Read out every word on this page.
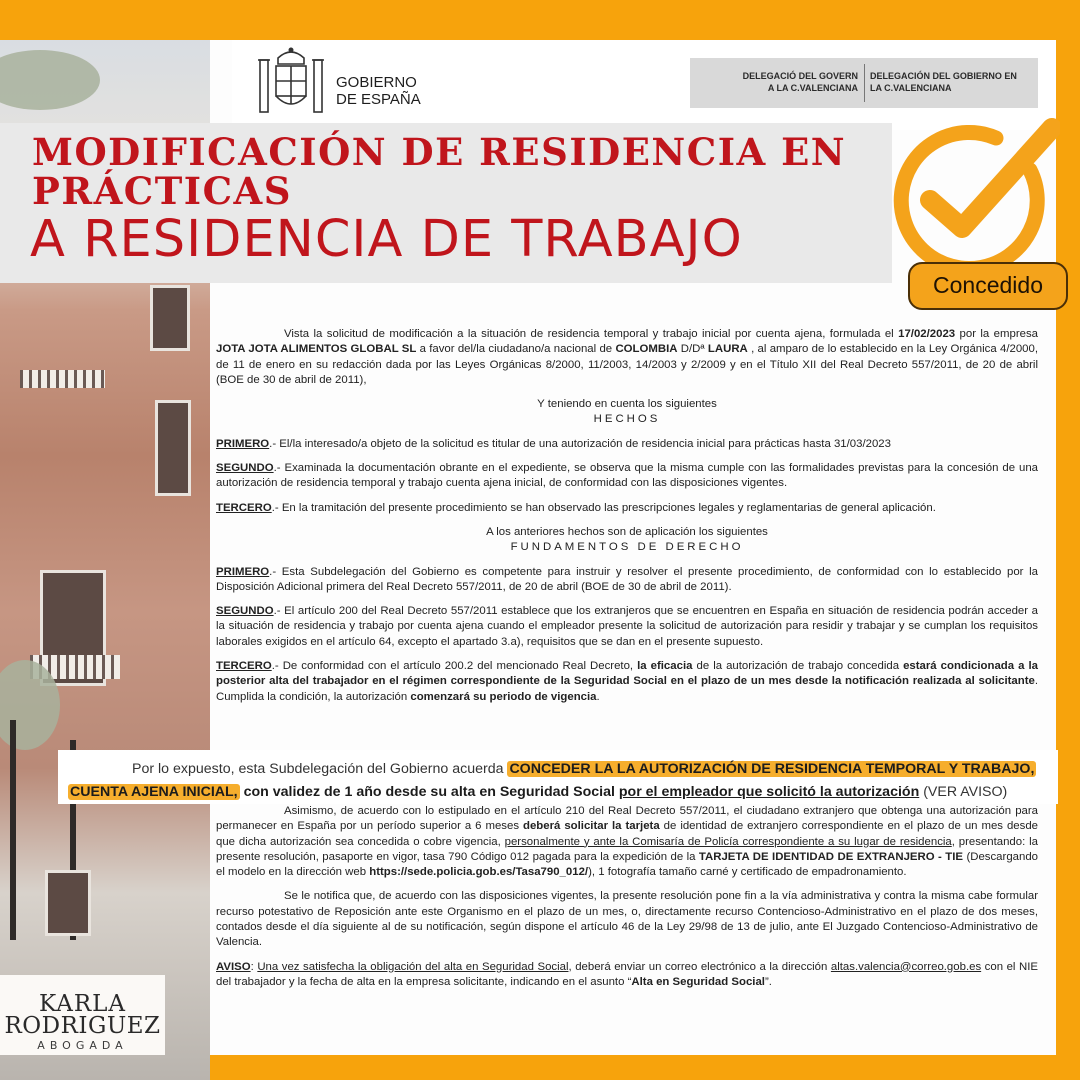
GOBIERNO
DE ESPAÑA
DELEGACIÓ DEL GOVERN
A LA C.VALENCIANA
DELEGACIÓN DEL GOBIERNO EN
LA C.VALENCIANA
MODIFICACIÓN DE RESIDENCIA EN
PRÁCTICAS
A RESIDENCIA DE TRABAJO
Concedido

Vista la solicitud de modificación a la situación de residencia temporal y trabajo inicial por cuenta ajena, formulada el 17/02/2023 por la empresa JOTA JOTA ALIMENTOS GLOBAL SL a favor del/la ciudadano/a nacional de COLOMBIA D/Dª LAURA , al amparo de lo establecido en la Ley Orgánica 4/2000, de 11 de enero en su redacción dada por las Leyes Orgánicas 8/2000, 11/2003, 14/2003 y 2/2009 y en el Título XII del Real Decreto 557/2011, de 20 de abril (BOE de 30 de abril de 2011),

Y teniendo en cuenta los siguientes

HECHOS

PRIMERO.- El/la interesado/a objeto de la solicitud es titular de una autorización de residencia inicial para prácticas hasta 31/03/2023

SEGUNDO.- Examinada la documentación obrante en el expediente, se observa que la misma cumple con las formalidades previstas para la concesión de una autorización de residencia temporal y trabajo cuenta ajena inicial, de conformidad con las disposiciones vigentes.

TERCERO.- En la tramitación del presente procedimiento se han observado las prescripciones legales y reglamentarias de general aplicación.

A los anteriores hechos son de aplicación los siguientes

FUNDAMENTOS DE DERECHO

PRIMERO.- Esta Subdelegación del Gobierno es competente para instruir y resolver el presente procedimiento, de conformidad con lo establecido por la Disposición Adicional primera del Real Decreto 557/2011, de 20 de abril (BOE de 30 de abril de 2011).

SEGUNDO.- El artículo 200 del Real Decreto 557/2011 establece que los extranjeros que se encuentren en España en situación de residencia podrán acceder a la situación de residencia y trabajo por cuenta ajena cuando el empleador presente la solicitud de autorización para residir y trabajar y se cumplan los requisitos laborales exigidos en el artículo 64, excepto el apartado 3.a), requisitos que se dan en el presente supuesto.

TERCERO.- De conformidad con el artículo 200.2 del mencionado Real Decreto, la eficacia de la autorización de trabajo concedida estará condicionada a la posterior alta del trabajador en el régimen correspondiente de la Seguridad Social en el plazo de un mes desde la notificación realizada al solicitante. Cumplida la condición, la autorización comenzará su periodo de vigencia.

Por lo expuesto, esta Subdelegación del Gobierno acuerda CONCEDER LA LA AUTORIZACIÓN DE RESIDENCIA TEMPORAL Y TRABAJO, CUENTA AJENA INICIAL, con validez de 1 año desde su alta en Seguridad Social por el empleador que solicitó la autorización (VER AVISO)

Asimismo, de acuerdo con lo estipulado en el artículo 210 del Real Decreto 557/2011, el ciudadano extranjero que obtenga una autorización para permanecer en España por un período superior a 6 meses deberá solicitar la tarjeta de identidad de extranjero correspondiente en el plazo de un mes desde que dicha autorización sea concedida o cobre vigencia, personalmente y ante la Comisaría de Policía correspondiente a su lugar de residencia, presentando: la presente resolución, pasaporte en vigor, tasa 790 Código 012 pagada para la expedición de la TARJETA DE IDENTIDAD DE EXTRANJERO - TIE (Descargando el modelo en la dirección web https://sede.policia.gob.es/Tasa790_012/), 1 fotografía tamaño carné y certificado de empadronamiento.

Se le notifica que, de acuerdo con las disposiciones vigentes, la presente resolución pone fin a la vía administrativa y contra la misma cabe formular recurso potestativo de Reposición ante este Organismo en el plazo de un mes, o, directamente recurso Contencioso-Administrativo en el plazo de dos meses, contados desde el día siguiente al de su notificación, según dispone el artículo 46 de la Ley 29/98 de 13 de julio, ante El Juzgado Contencioso-Administrativo de Valencia.

AVISO: Una vez satisfecha la obligación del alta en Seguridad Social, deberá enviar un correo electrónico a la dirección altas.valencia@correo.gob.es con el NIE del trabajador y la fecha de alta en la empresa solicitante, indicando en el asunto “Alta en Seguridad Social”.

KARLA
RODRIGUEZ
ABOGADA
